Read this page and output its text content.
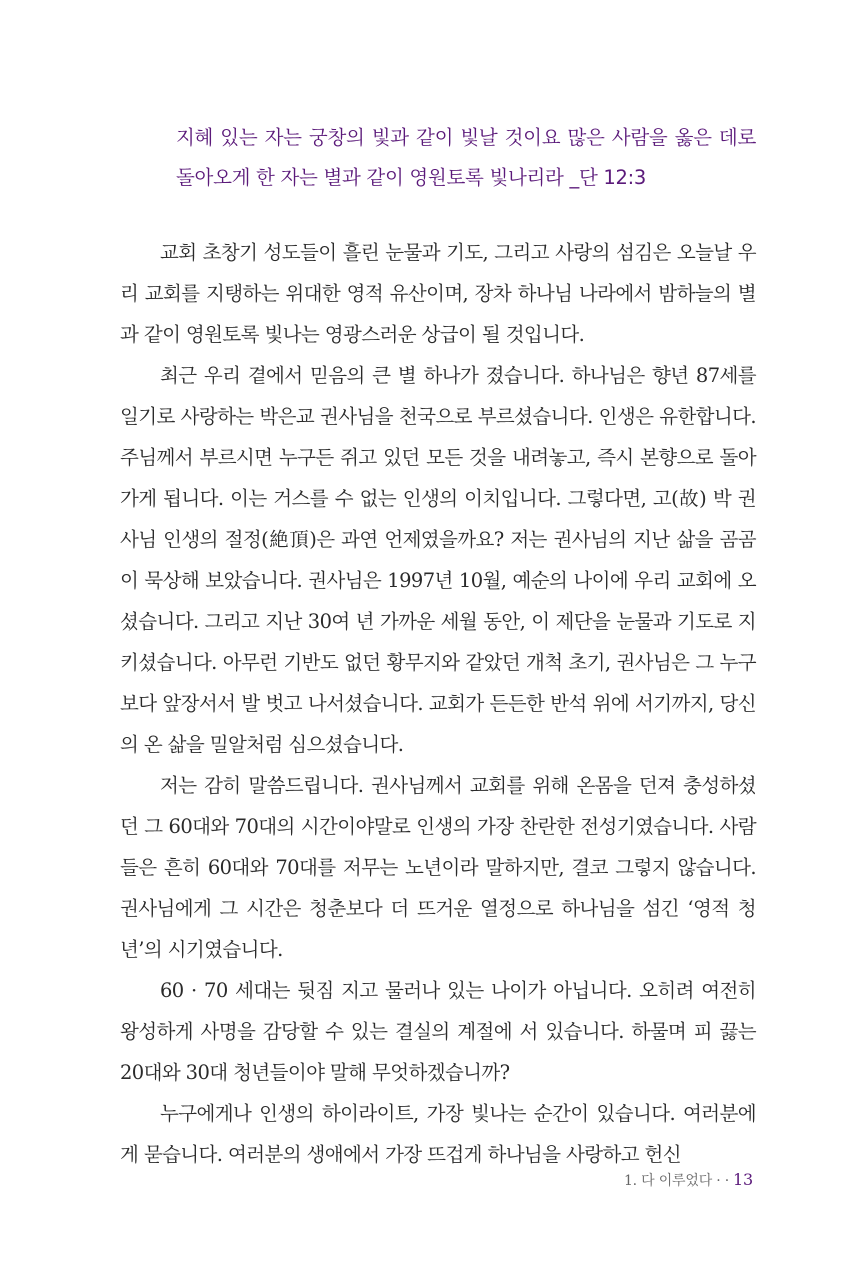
지혜 있는 자는 궁창의 빛과 같이 빛날 것이요 많은 사람을 옳은 데로 돌아오게 한 자는 별과 같이 영원토록 빛나리라 _단 12:3

교회 초창기 성도들이 흘린 눈물과 기도, 그리고 사랑의 섬김은 오늘날 우리 교회를 지탱하는 위대한 영적 유산이며, 장차 하나님 나라에서 밤하늘의 별과 같이 영원토록 빛나는 영광스러운 상급이 될 것입니다.

최근 우리 곁에서 믿음의 큰 별 하나가 졌습니다. 하나님은 향년 87세를 일기로 사랑하는 박은교 권사님을 천국으로 부르셨습니다. 인생은 유한합니다. 주님께서 부르시면 누구든 쥐고 있던 모든 것을 내려놓고, 즉시 본향으로 돌아가게 됩니다. 이는 거스를 수 없는 인생의 이치입니다. 그렇다면, 고(故) 박 권사님 인생의 절정(絶頂)은 과연 언제였을까요? 저는 권사님의 지난 삶을 곰곰이 묵상해 보았습니다. 권사님은 1997년 10월, 예순의 나이에 우리 교회에 오셨습니다. 그리고 지난 30여 년 가까운 세월 동안, 이 제단을 눈물과 기도로 지키셨습니다. 아무런 기반도 없던 황무지와 같았던 개척 초기, 권사님은 그 누구보다 앞장서서 발 벗고 나서셨습니다. 교회가 든든한 반석 위에 서기까지, 당신의 온 삶을 밀알처럼 심으셨습니다.

저는 감히 말씀드립니다. 권사님께서 교회를 위해 온몸을 던져 충성하셨던 그 60대와 70대의 시간이야말로 인생의 가장 찬란한 전성기였습니다. 사람들은 흔히 60대와 70대를 저무는 노년이라 말하지만, 결코 그렇지 않습니다. 권사님에게 그 시간은 청춘보다 더 뜨거운 열정으로 하나님을 섬긴 ‘영적 청년’의 시기였습니다.

60 · 70 세대는 뒷짐 지고 물러나 있는 나이가 아닙니다. 오히려 여전히 왕성하게 사명을 감당할 수 있는 결실의 계절에 서 있습니다. 하물며 피 끓는 20대와 30대 청년들이야 말해 무엇하겠습니까?

누구에게나 인생의 하이라이트, 가장 빛나는 순간이 있습니다. 여러분에게 묻습니다. 여러분의 생애에서 가장 뜨겁게 하나님을 사랑하고 헌신

1. 다 이루었다 · · 13
